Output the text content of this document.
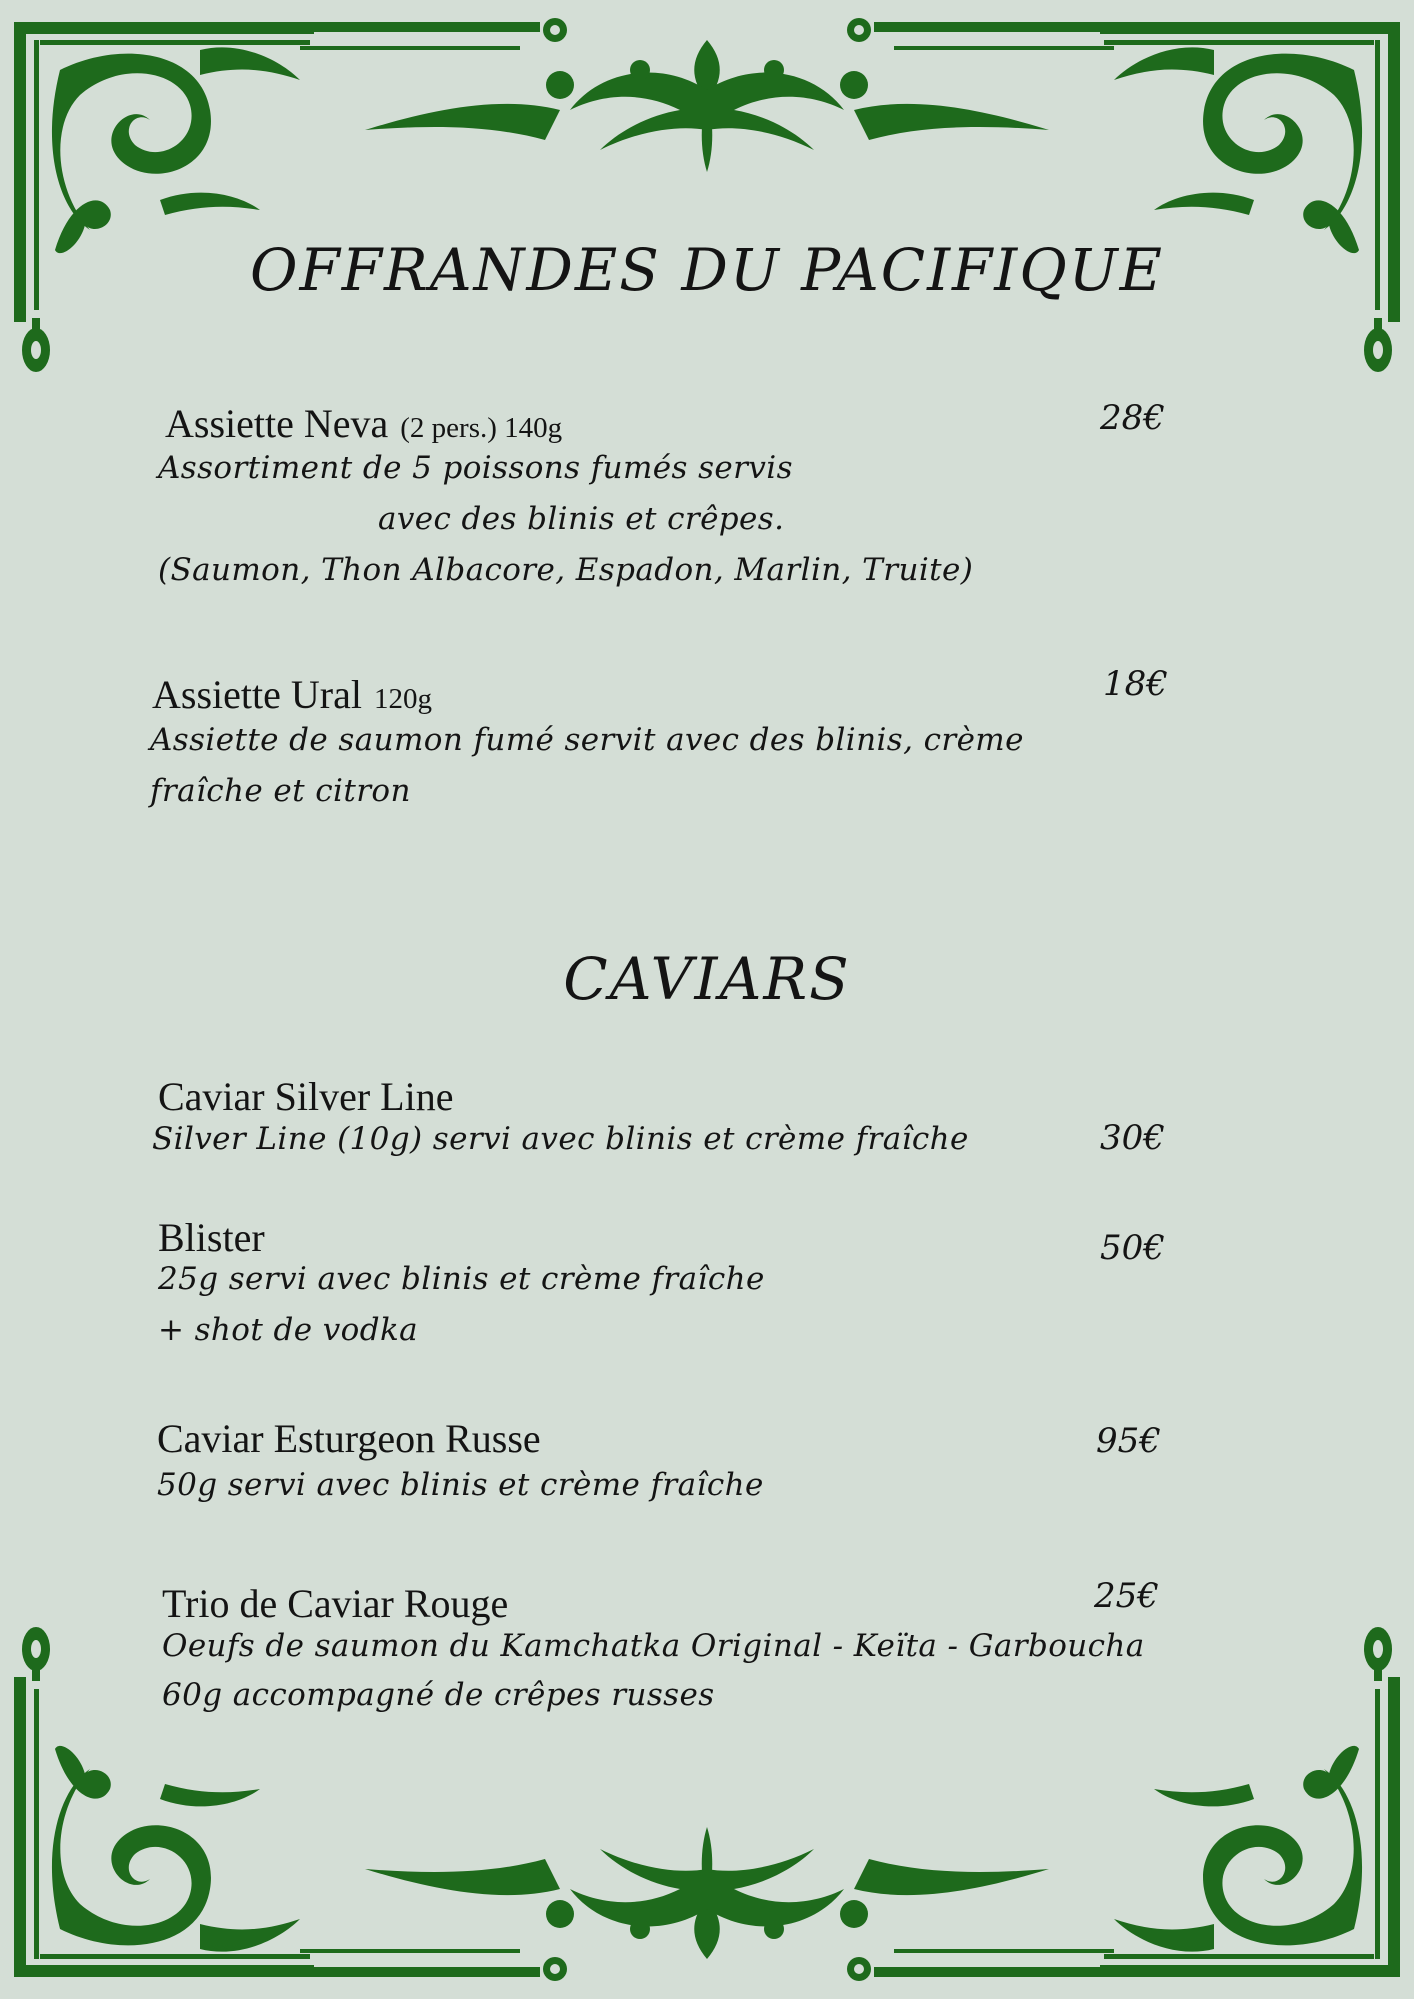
OFFRANDES DU PACIFIQUE
Assiette Neva (2 pers.) 140g	28€
Assortiment de 5 poissons fumés servis
avec des blinis et crêpes.
(Saumon, Thon Albacore, Espadon, Marlin, Truite)
Assiette Ural 120g	18€
Assiette de saumon fumé servit avec des blinis, crème
fraîche et citron
CAVIARS
Caviar Silver Line
Silver Line (10g) servi avec blinis et crème fraîche	30€
Blister	50€
25g servi avec blinis et crème fraîche
+ shot de vodka
Caviar Esturgeon Russe	95€
50g servi avec blinis et crème fraîche
Trio de Caviar Rouge	25€
Oeufs de saumon du Kamchatka Original - Keïta - Garboucha
60g accompagné de crêpes russes
